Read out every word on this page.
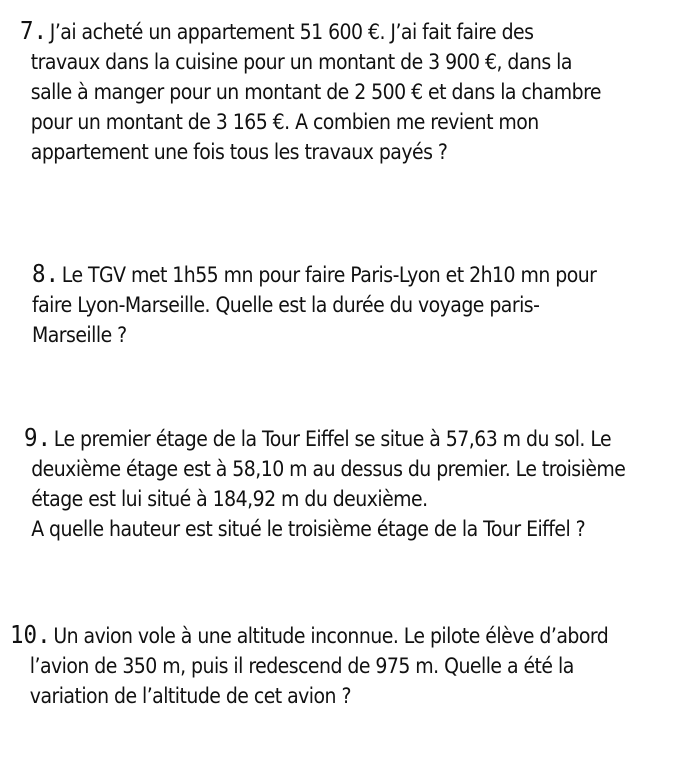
7. J’ai acheté un appartement 51 600 €. J’ai fait faire des
travaux dans la cuisine pour un montant de 3 900 €, dans la
salle à manger pour un montant de 2 500 € et dans la chambre
pour un montant de 3 165 €. A combien me revient mon
appartement une fois tous les travaux payés ?
8. Le TGV met 1h55 mn pour faire Paris-Lyon et 2h10 mn pour
faire Lyon-Marseille. Quelle est la durée du voyage paris-
Marseille ?
9. Le premier étage de la Tour Eiffel se situe à 57,63 m du sol. Le
deuxième étage est à 58,10 m au dessus du premier. Le troisième
étage est lui situé à 184,92 m du deuxième.
A quelle hauteur est situé le troisième étage de la Tour Eiffel ?
10. Un avion vole à une altitude inconnue. Le pilote élève d’abord
l’avion de 350 m, puis il redescend de 975 m. Quelle a été la
variation de l’altitude de cet avion ?
